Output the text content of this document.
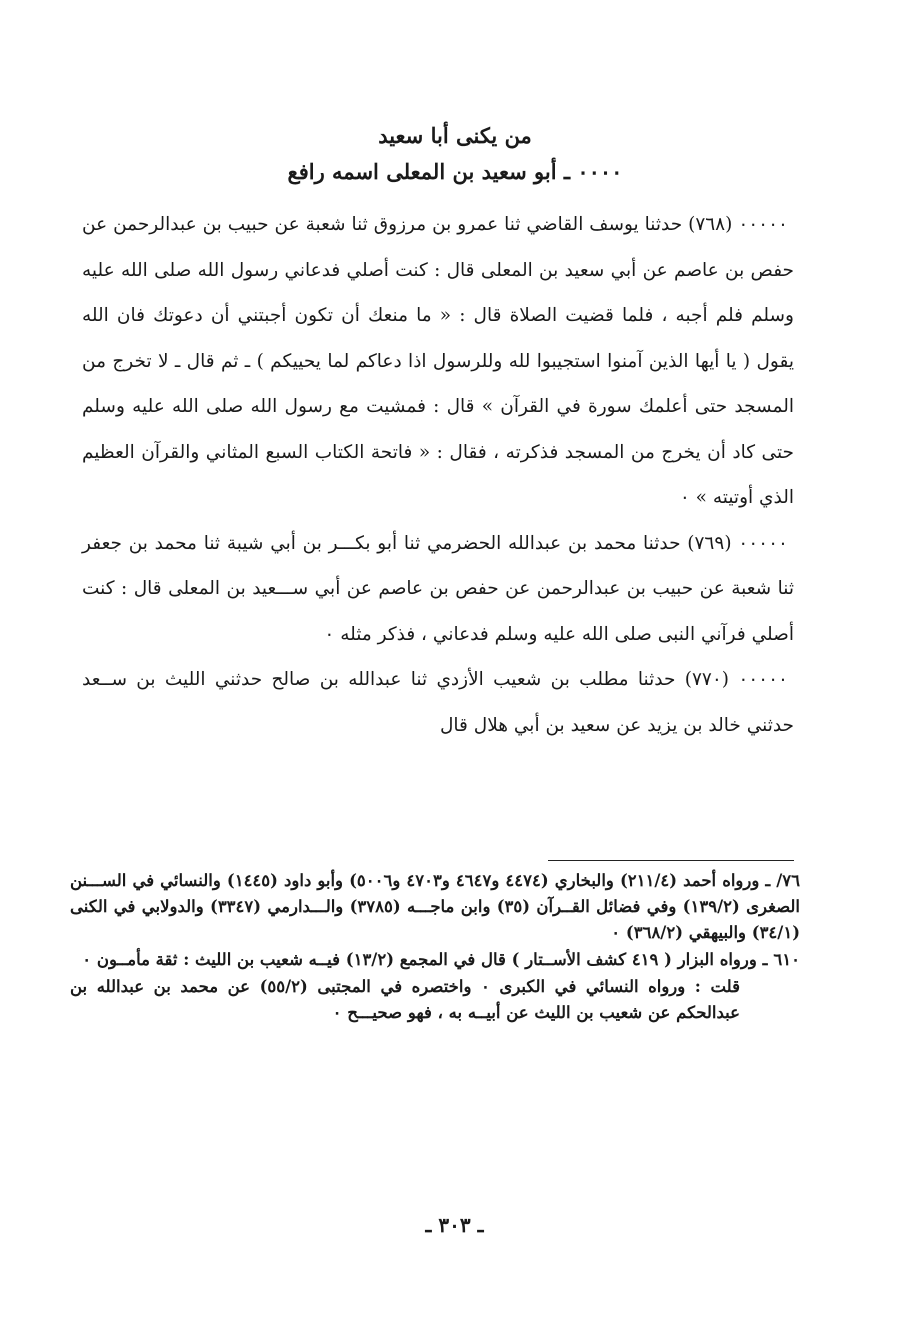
من يكنى أبا سعيد
٠٠٠٠ ـ أبو سعيد بن المعلى اسمه رافع

٠٠٠٠٠ (٧٦٨) حدثنا يوسف القاضي ثنا عمرو بن مرزوق ثنا شعبة عن حبيب بن عبدالرحمن عن حفص بن عاصم عن أبي سعيد بن المعلى قال : كنت أصلي فدعاني رسول الله صلى الله عليه وسلم فلم أجبه ، فلما قضيت الصلاة قال : « ما منعك أن تكون أجبتني أن دعوتك فان الله يقول ( يا أيها الذين آمنوا استجيبوا لله وللرسول اذا دعاكم لما يحييكم ) ـ ثم قال ـ لا تخرج من المسجد حتى أعلمك سورة في القرآن » قال : فمشيت مع رسول الله صلى الله عليه وسلم حتى كاد أن يخرج من المسجد فذكرته ، فقال : « فاتحة الكتاب السبع المثاني والقرآن العظيم الذي أوتيته » ٠

٠٠٠٠٠ (٧٦٩) حدثنا محمد بن عبدالله الحضرمي ثنا أبو بكـــر بن أبي شيبة ثنا محمد بن جعفر ثنا شعبة عن حبيب بن عبدالرحمن عن حفص بن عاصم عن أبي ســـعيد بن المعلى قال : كنت أصلي فرآني النبى صلى الله عليه وسلم فدعاني ، فذكر مثله ٠

٠٠٠٠٠ (٧٧٠) حدثنا مطلب بن شعيب الأزدي ثنا عبدالله بن صالح حدثني الليث بن ســعد حدثني خالد بن يزيد عن سعيد بن أبي هلال قال

٧٦/ـ ورواه أحمد (٢١١/٤) والبخاري (٤٤٧٤ و٤٦٤٧ و٤٧٠٣ و٥٠٠٦) وأبو داود (١٤٤٥) والنسائي في الســـنن الصغرى (١٣٩/٢) وفي فضائل القــرآن (٣٥) وابن ماجـــه (٣٧٨٥) والـــدارمي (٣٣٤٧) والدولابي في الكنى (٣٤/١) والبيهقي (٣٦٨/٢) ٠

٦١٠ـ ورواه البزار ( ٤١٩ كشف الأســتار ) قال في المجمع (١٣/٢) فيــه شعيب بن الليث : ثقة مأمــون ٠

قلت : ورواه النسائي في الكبرى ٠ واختصره في المجتبى (٥٥/٢) عن محمد بن عبدالله بن عبدالحكم عن شعيب بن الليث عن أبيــه به ، فهو صحيـــح ٠

ـ ٣٠٣ ـ
